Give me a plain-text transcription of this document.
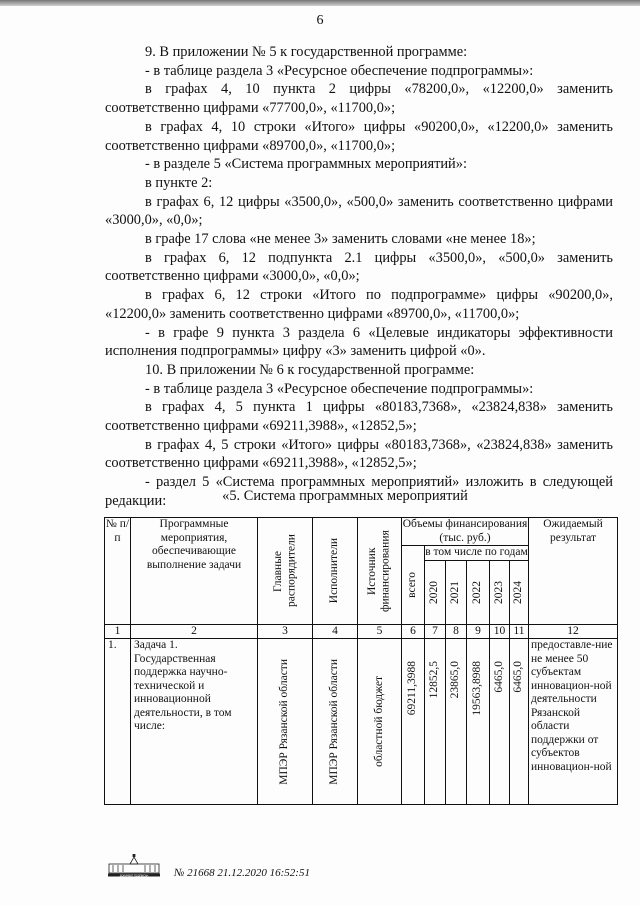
6

9. В приложении № 5 к государственной программе:

- в таблице раздела 3 «Ресурсное обеспечение подпрограммы»:

в графах 4, 10 пункта 2 цифры «78200,0», «12200,0» заменить соответственно цифрами «77700,0», «11700,0»;

в графах 4, 10 строки «Итого» цифры «90200,0», «12200,0» заменить соответственно цифрами «89700,0», «11700,0»;

- в разделе 5 «Система программных мероприятий»:

в пункте 2:

в графах 6, 12 цифры «3500,0», «500,0» заменить соответственно цифрами «3000,0», «0,0»;

в графе 17 слова «не менее 3» заменить словами «не менее 18»;

в графах 6, 12 подпункта 2.1 цифры «3500,0», «500,0» заменить соответственно цифрами «3000,0», «0,0»;

в графах 6, 12 строки «Итого по подпрограмме» цифры «90200,0», «12200,0» заменить соответственно цифрами «89700,0», «11700,0»;

- в графе 9 пункта 3 раздела 6 «Целевые индикаторы эффективности исполнения подпрограммы» цифру «3» заменить цифрой «0».

10. В приложении № 6 к государственной программе:

- в таблице раздела 3 «Ресурсное обеспечение подпрограммы»:

в графах 4, 5 пункта 1 цифры «80183,7368», «23824,838» заменить соответственно цифрами «69211,3988», «12852,5»;

в графах 4, 5 строки «Итого» цифры «80183,7368», «23824,838» заменить соответственно цифрами «69211,3988», «12852,5»;

- раздел 5 «Система программных мероприятий» изложить в следующей редакции:	«5. Система программных мероприятий
№ п/п	Программные мероприятия, обеспечивающие выполнение задачи	Главные распорядители	Исполнители	Источник финансирования	Объемы финансирования (тыс. руб.)						Ожидаемый результат

					всего	в том числе по годам					

						2020	2021	2022	2023	2024	

1	2	3	4	5	6	7	8	9	10	11	12
1.	Задача 1. Государственная поддержка научно-технической и инновационной деятельности, в том числе:	МПЭР Рязанской области	МПЭР Рязанской области	областной бюджет	69211,3988	12852,5	23865,0	19563,8988	6465,0	6465,0	предоставле-ние не менее 50 субъектам инновацион-ной деятельности Рязанской области поддержки от субъектов инновацион-ной
ДОКУМЕНТ ПОДПИСАН № 21668 21.12.2020 16:52:51
